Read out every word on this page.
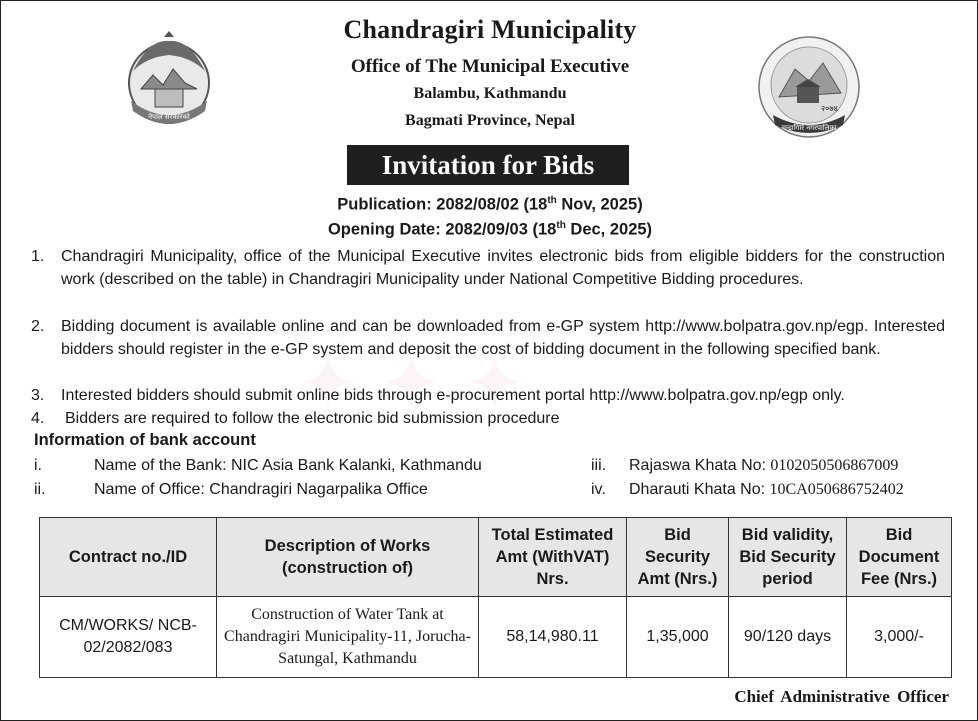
नेपाल सरकारको
२०७४
चन्द्रागिरि नगरपालिका
✦ ✦ ✦
Chandragiri Municipality
Office of The Municipal Executive
Balambu, Kathmandu
Bagmati Province, Nepal
Invitation for Bids
Publication: 2082/08/02 (18th Nov, 2025)
Opening Date: 2082/09/03 (18th Dec, 2025)
1. Chandragiri Municipality, office of the Municipal Executive invites electronic bids from eligible bidders for the construction work (described on the table) in Chandragiri Municipality under National Competitive Bidding procedures.
2. Bidding document is available online and can be downloaded from e-GP system http://www.bolpatra.gov.np/egp. Interested bidders should register in the e-GP system and deposit the cost of bidding document in the following specified bank.
3. Interested bidders should submit online bids through e-procurement portal http://www.bolpatra.gov.np/egp only.
4. Bidders are required to follow the electronic bid submission procedure
Information of bank account
i.	Name of the Bank: NIC Asia Bank Kalanki, Kathmandu
ii.	Name of Office: Chandragiri Nagarpalika Office
iii. Rajaswa Khata No: 0102050506867009
iv. Dharauti Khata No: 10CA050686752402
Contract no./ID	Description of Works (construction of)	Total Estimated Amt (WithVAT) Nrs.	Bid Security Amt (Nrs.)	Bid validity, Bid Security period	Bid Document Fee (Nrs.)
CM/WORKS/ NCB-02/2082/083	Construction of Water Tank at Chandragiri Municipality-11, Jorucha-Satungal, Kathmandu	58,14,980.11	1,35,000	90/120 days	3,000/-
Chief Administrative Officer
